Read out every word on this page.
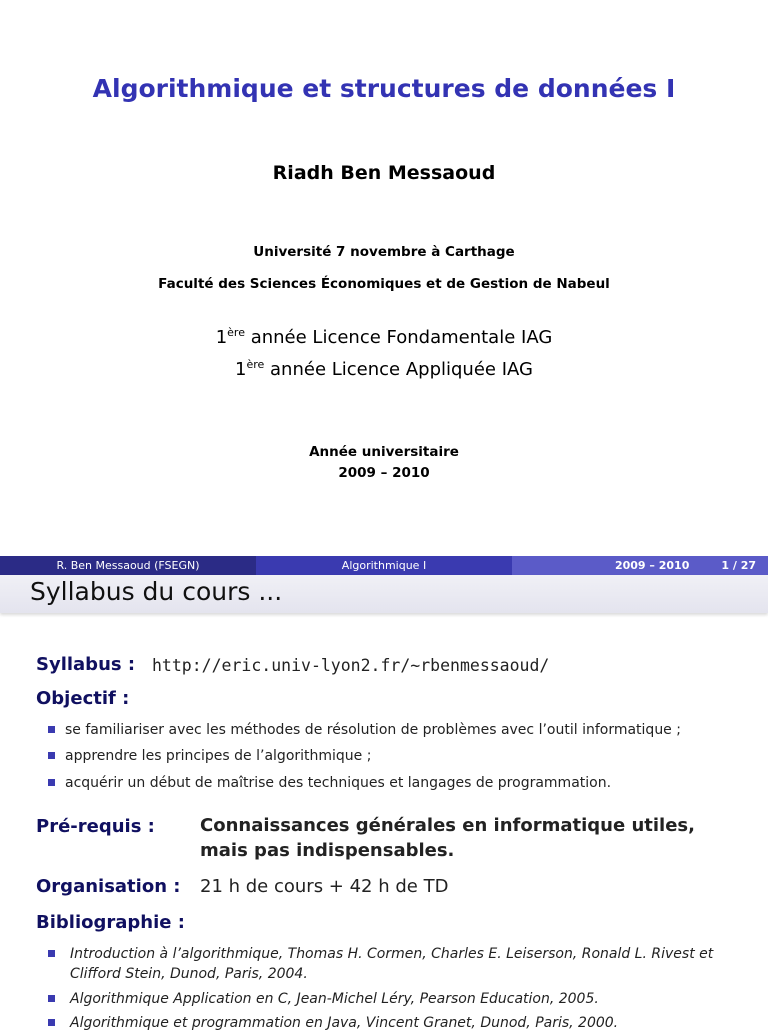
Algorithmique et structures de données I
Riadh Ben Messaoud
Université 7 novembre à Carthage
Faculté des Sciences Économiques et de Gestion de Nabeul
1ère année Licence Fondamentale IAG
1ère année Licence Appliquée IAG
Année universitaire
2009 – 2010
R. Ben Messaoud (FSEGN)	Algorithmique I	2009 – 2010	1 / 27
Syllabus du cours ...
Syllabus : http://eric.univ-lyon2.fr/~rbenmessaoud/
Objectif :
se familiariser avec les méthodes de résolution de problèmes avec l’outil informatique ;
apprendre les principes de l’algorithmique ;
acquérir un début de maîtrise des techniques et langages de programmation.
Pré-requis :	Connaissances générales en informatique utiles,
mais pas indispensables.
Organisation : 21 h de cours + 42 h de TD
Bibliographie :
Introduction à l’algorithmique, Thomas H. Cormen, Charles E. Leiserson, Ronald L. Rivest et Clifford Stein, Dunod, Paris, 2004.
Algorithmique Application en C, Jean-Michel Léry, Pearson Education, 2005.
Algorithmique et programmation en Java, Vincent Granet, Dunod, Paris, 2000.
